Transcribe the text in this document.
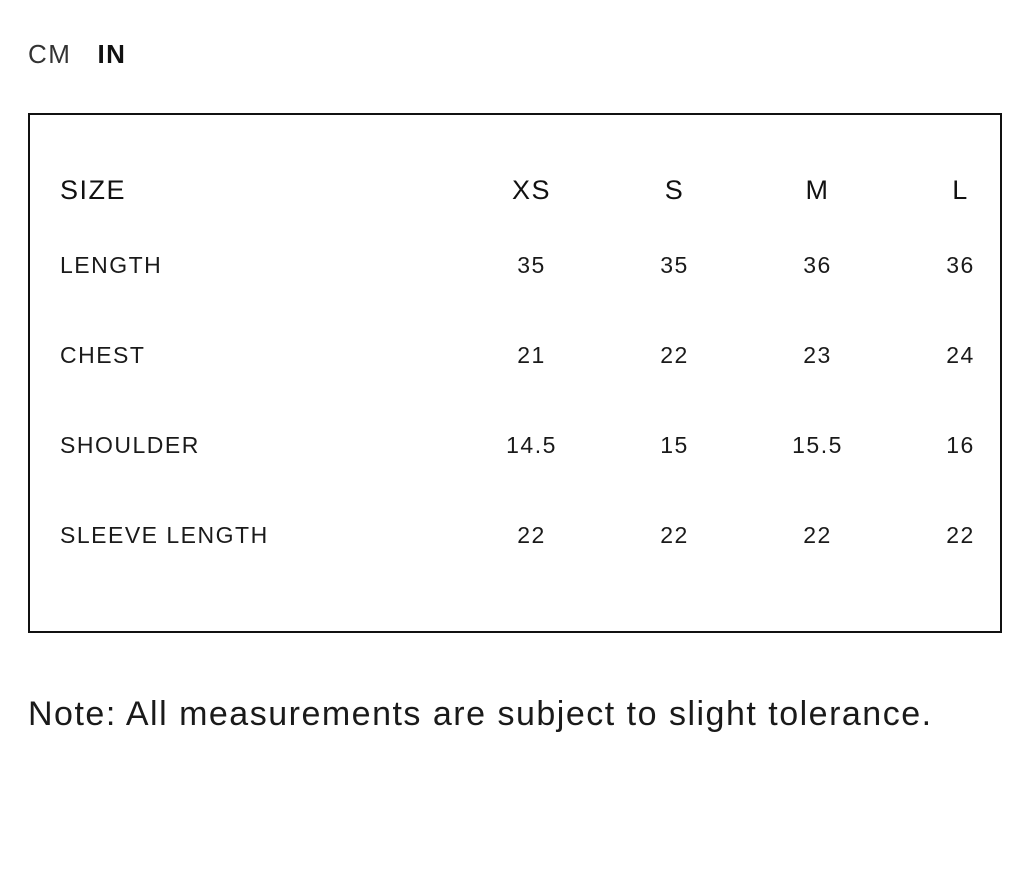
CM IN
SIZE	XS	S	M	L
LENGTH	35	35	36	36
CHEST	21	22	23	24
SHOULDER	14.5	15	15.5	16
SLEEVE LENGTH	22	22	22	22
Note: All measurements are subject to slight tolerance.
